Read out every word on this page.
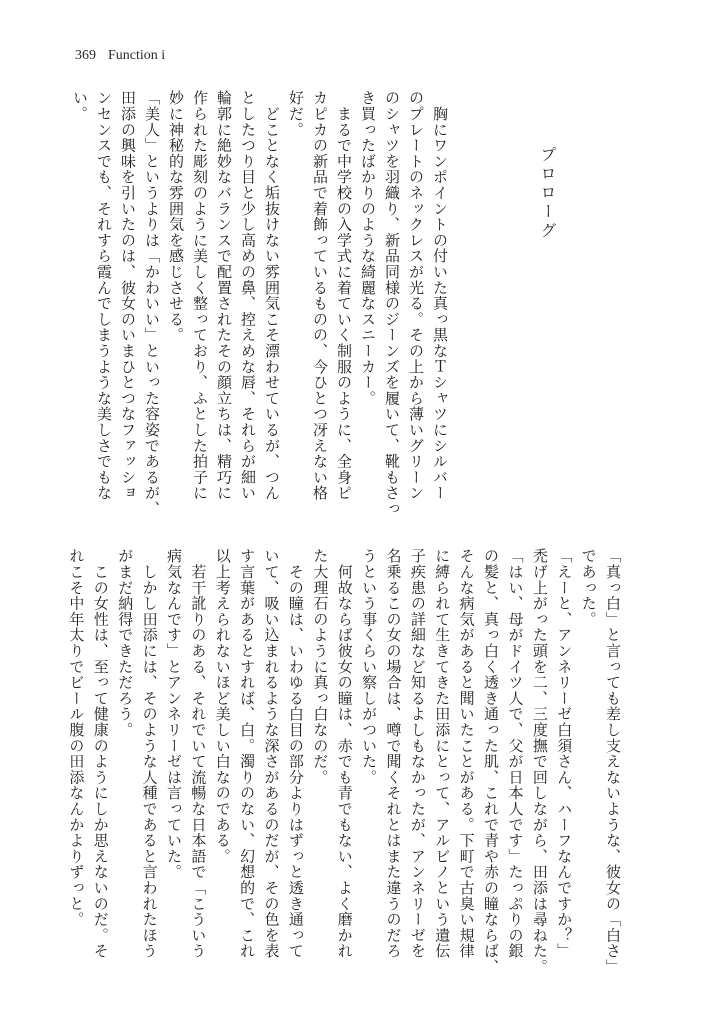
369 Function i
プロローグ
　胸にワンポイントの付いた真っ黒なＴシャツにシルバー
のプレートのネックレスが光る。その上から薄いグリーン
のシャツを羽織り、新品同様のジーンズを履いて、靴もさっ
き買ったばかりのような綺麗なスニーカー。
　まるで中学校の入学式に着ていく制服のように、全身ピ
カピカの新品で着飾っているものの、今ひとつ冴えない格
好だ。
　どことなく垢抜けない雰囲気こそ漂わせているが、つん
としたつり目と少し高めの鼻、控えめな唇、それらが細い
輪郭に絶妙なバランスで配置されたその顔立ちは、精巧に
作られた彫刻のように美しく整っており、ふとした拍子に
妙に神秘的な雰囲気を感じさせる。
「美人」というよりは「かわいい」といった容姿であるが、
田添の興味を引いたのは、彼女のいまひとつなファッショ
ンセンスでも、それすら霞んでしまうような美しさでもな
い。
「真っ白」と言っても差し支えないような、彼女の「白さ」
であった。
「えーと、アンネリーゼ白須さん、ハーフなんですか？」
禿げ上がった頭を二、三度撫で回しながら、田添は尋ねた。
「はい、母がドイツ人で、父が日本人です」たっぷりの銀
の髪と、真っ白く透き通った肌、これで青や赤の瞳ならば、
そんな病気があると聞いたことがある。下町で古臭い規律
に縛られて生きてきた田添にとって、アルビノという遺伝
子疾患の詳細など知るよしもなかったが、アンネリーゼを
名乗るこの女の場合は、噂で聞くそれとはまた違うのだろ
うという事くらい察しがついた。
　何故ならば彼女の瞳は、赤でも青でもない、よく磨かれ
た大理石のように真っ白なのだ。
　その瞳は、いわゆる白目の部分よりはずっと透き通って
いて、吸い込まれるような深さがあるのだが、その色を表
す言葉があるとすれば、白。濁りのない、幻想的で、これ
以上考えられないほど美しい白なのである。
　若干訛りのある、それでいて流暢な日本語で「こういう
病気なんです」とアンネリーゼは言っていた。
　しかし田添には、そのような人種であると言われたほう
がまだ納得できただろう。
　この女性は、至って健康のようにしか思えないのだ。そ
れこそ中年太りでビール腹の田添なんかよりずっと。
